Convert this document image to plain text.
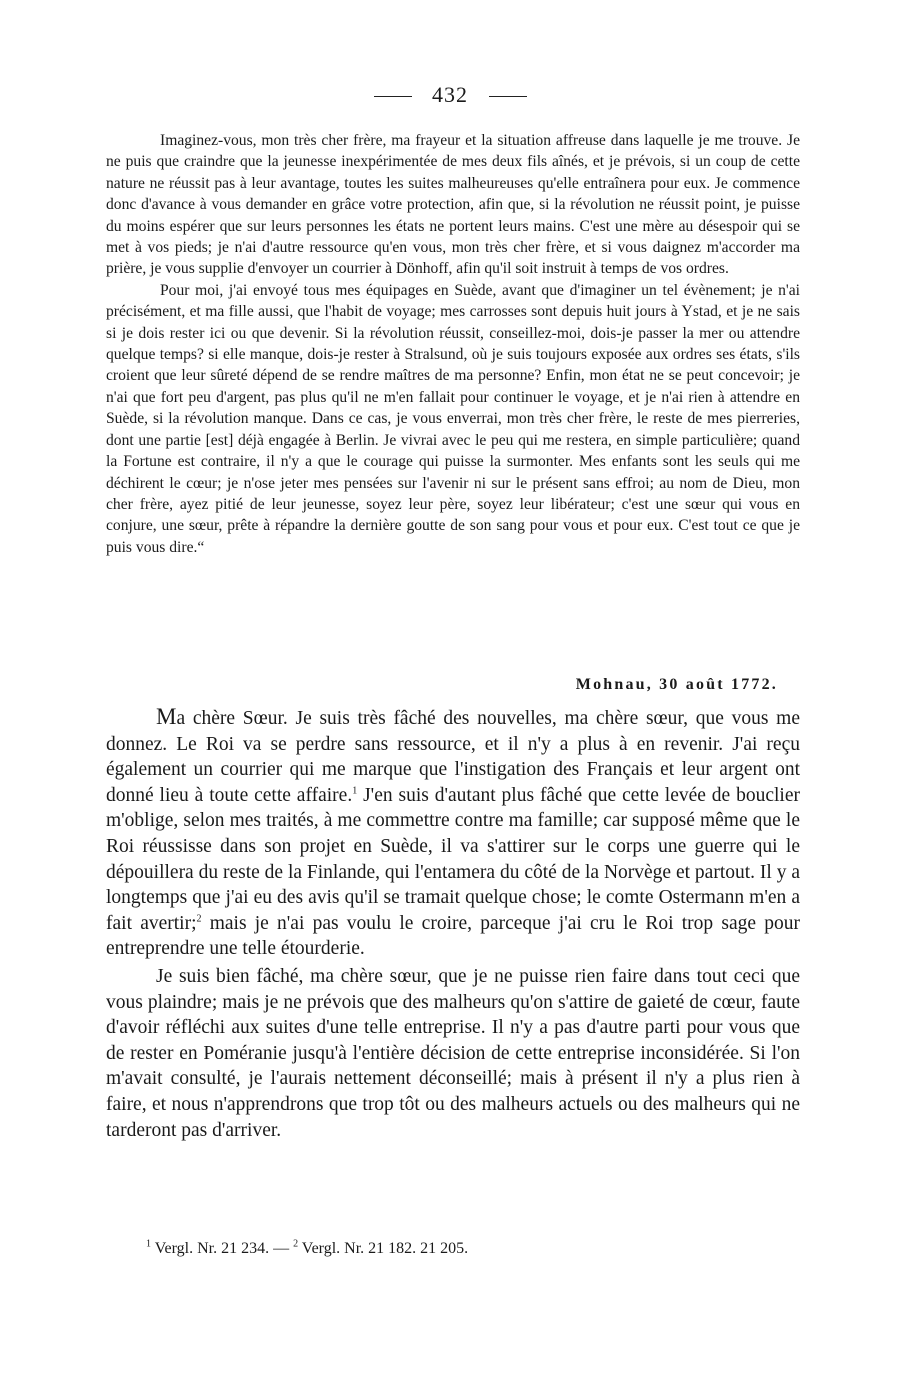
432

Imaginez-vous, mon très cher frère, ma frayeur et la situation affreuse dans laquelle je me trouve. Je ne puis que craindre que la jeunesse inexpérimentée de mes deux fils aînés, et je prévois, si un coup de cette nature ne réussit pas à leur avantage, toutes les suites malheureuses qu'elle entraînera pour eux. Je commence donc d'avance à vous demander en grâce votre protection, afin que, si la révolution ne réussit point, je puisse du moins espérer que sur leurs personnes les états ne portent leurs mains. C'est une mère au désespoir qui se met à vos pieds; je n'ai d'autre ressource qu'en vous, mon très cher frère, et si vous daignez m'accorder ma prière, je vous supplie d'envoyer un courrier à Dönhoff, afin qu'il soit instruit à temps de vos ordres.

Pour moi, j'ai envoyé tous mes équipages en Suède, avant que d'imaginer un tel évènement; je n'ai précisément, et ma fille aussi, que l'habit de voyage; mes carrosses sont depuis huit jours à Ystad, et je ne sais si je dois rester ici ou que devenir. Si la révolution réussit, conseillez-moi, dois-je passer la mer ou attendre quelque temps? si elle manque, dois-je rester à Stralsund, où je suis toujours exposée aux ordres ses états, s'ils croient que leur sûreté dépend de se rendre maîtres de ma personne? Enfin, mon état ne se peut concevoir; je n'ai que fort peu d'argent, pas plus qu'il ne m'en fallait pour continuer le voyage, et je n'ai rien à attendre en Suède, si la révolution manque. Dans ce cas, je vous enverrai, mon très cher frère, le reste de mes pierreries, dont une partie [est] déjà engagée à Berlin. Je vivrai avec le peu qui me restera, en simple particulière; quand la Fortune est contraire, il n'y a que le courage qui puisse la surmonter. Mes enfants sont les seuls qui me déchirent le cœur; je n'ose jeter mes pensées sur l'avenir ni sur le présent sans effroi; au nom de Dieu, mon cher frère, ayez pitié de leur jeunesse, soyez leur père, soyez leur libérateur; c'est une sœur qui vous en conjure, une sœur, prête à répandre la dernière goutte de son sang pour vous et pour eux. C'est tout ce que je puis vous dire.“

Mohnau, 30 août 1772.

Ma chère Sœur. Je suis très fâché des nouvelles, ma chère sœur, que vous me donnez. Le Roi va se perdre sans ressource, et il n'y a plus à en revenir. J'ai reçu également un courrier qui me marque que l'instigation des Français et leur argent ont donné lieu à toute cette affaire.$^1$ J'en suis d'autant plus fâché que cette levée de bouclier m'oblige, selon mes traités, à me commettre contre ma famille; car supposé même que le Roi réussisse dans son projet en Suède, il va s'attirer sur le corps une guerre qui le dépouillera du reste de la Finlande, qui l'entamera du côté de la Norvège et partout. Il y a longtemps que j'ai eu des avis qu'il se tramait quelque chose; le comte Ostermann m'en a fait avertir;$^2$ mais je n'ai pas voulu le croire, parceque j'ai cru le Roi trop sage pour entreprendre une telle étourderie.

Je suis bien fâché, ma chère sœur, que je ne puisse rien faire dans tout ceci que vous plaindre; mais je ne prévois que des malheurs qu'on s'attire de gaieté de cœur, faute d'avoir réfléchi aux suites d'une telle entreprise. Il n'y a pas d'autre parti pour vous que de rester en Poméranie jusqu'à l'entière décision de cette entreprise inconsidérée. Si l'on m'avait consulté, je l'aurais nettement déconseillé; mais à présent il n'y a plus rien à faire, et nous n'apprendrons que trop tôt ou des malheurs actuels ou des malheurs qui ne tarderont pas d'arriver.

$^1$ Vergl. Nr. 21 234. — $^2$ Vergl. Nr. 21 182. 21 205.
